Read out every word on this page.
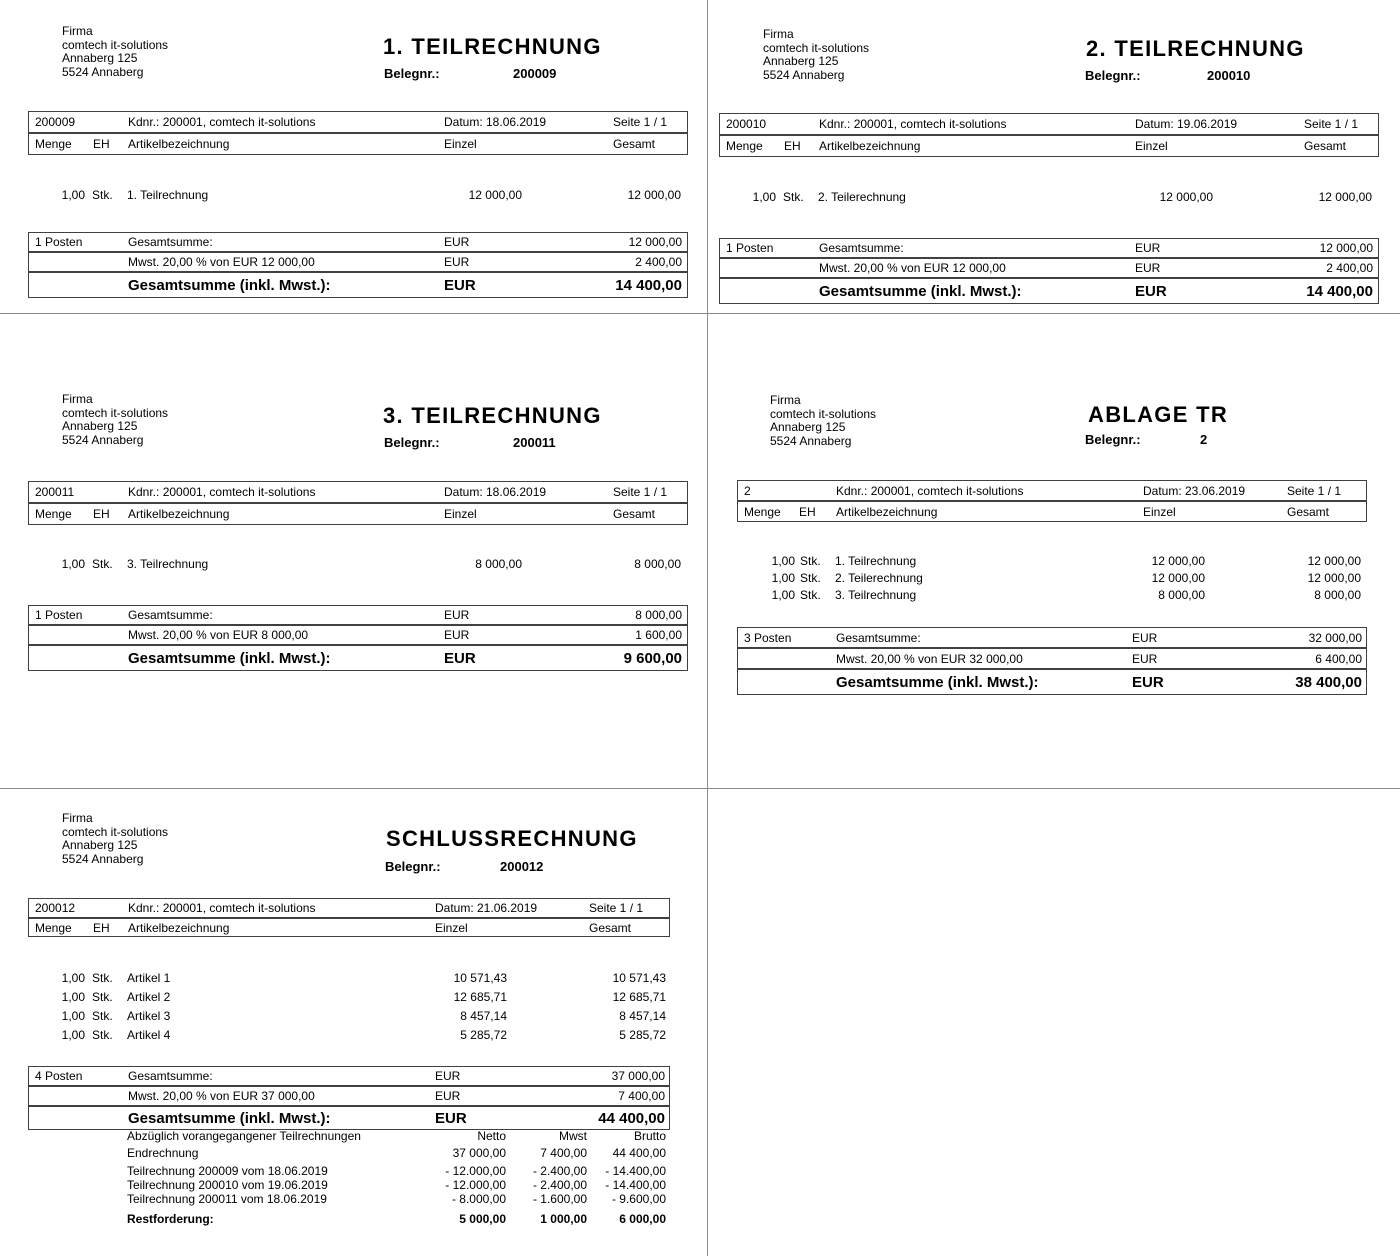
Firma
comtech it-solutions
Annaberg 125
5524 Annaberg
1. TEILRECHNUNG
Belegnr.:	200009
200009	Kdnr.: 200001, comtech it-solutions	Datum: 18.06.2019	Seite 1 / 1
Menge EH Artikelbezeichnung	Einzel	Gesamt
1,00 Stk. 1. Teilrechnung	12 000,00	12 000,00
1 Posten	Gesamtsumme:	EUR	12 000,00
Mwst. 20,00 % von EUR 12 000,00	EUR	2 400,00
Gesamtsumme (inkl. Mwst.):	EUR	14 400,00
Firma
comtech it-solutions
Annaberg 125
5524 Annaberg
2. TEILRECHNUNG
Belegnr.:	200010
200010	Kdnr.: 200001, comtech it-solutions	Datum: 19.06.2019	Seite 1 / 1
Menge EH Artikelbezeichnung	Einzel	Gesamt
1,00 Stk. 2. Teilerechnung	12 000,00	12 000,00
1 Posten	Gesamtsumme:	EUR	12 000,00
Mwst. 20,00 % von EUR 12 000,00	EUR	2 400,00
Gesamtsumme (inkl. Mwst.):	EUR	14 400,00
Firma
comtech it-solutions
Annaberg 125
5524 Annaberg
3. TEILRECHNUNG
Belegnr.:	200011
200011	Kdnr.: 200001, comtech it-solutions	Datum: 18.06.2019	Seite 1 / 1
Menge EH Artikelbezeichnung	Einzel	Gesamt
1,00 Stk. 3. Teilrechnung	8 000,00	8 000,00
1 Posten	Gesamtsumme:	EUR	8 000,00
Mwst. 20,00 % von EUR 8 000,00	EUR	1 600,00
Gesamtsumme (inkl. Mwst.):	EUR	9 600,00
Firma
comtech it-solutions
Annaberg 125
5524 Annaberg
ABLAGE TR
Belegnr.:	2
2	Kdnr.: 200001, comtech it-solutions	Datum: 23.06.2019	Seite 1 / 1
Menge EH Artikelbezeichnung	Einzel	Gesamt
1,00 Stk. 1. Teilrechnung	12 000,00	12 000,00
1,00 Stk. 2. Teilerechnung	12 000,00	12 000,00
1,00 Stk. 3. Teilrechnung	8 000,00	8 000,00
3 Posten	Gesamtsumme:	EUR	32 000,00
Mwst. 20,00 % von EUR 32 000,00	EUR	6 400,00
Gesamtsumme (inkl. Mwst.):	EUR	38 400,00
Firma
comtech it-solutions
Annaberg 125
5524 Annaberg
SCHLUSSRECHNUNG
Belegnr.:	200012
200012	Kdnr.: 200001, comtech it-solutions	Datum: 21.06.2019	Seite 1 / 1
Menge EH Artikelbezeichnung	Einzel	Gesamt
1,00 Stk. Artikel 1	10 571,43	10 571,43
1,00 Stk. Artikel 2	12 685,71	12 685,71
1,00 Stk. Artikel 3	8 457,14	8 457,14
1,00 Stk. Artikel 4	5 285,72	5 285,72
4 Posten	Gesamtsumme:	EUR	37 000,00
Mwst. 20,00 % von EUR 37 000,00	EUR	7 400,00
Gesamtsumme (inkl. Mwst.):	EUR	44 400,00
Abzüglich vorangegangener Teilrechnungen	Netto	Mwst	Brutto
Endrechnung	37 000,00	7 400,00	44 400,00
Teilrechnung 200009 vom 18.06.2019	- 12.000,00	- 2.400,00	- 14.400,00
Teilrechnung 200010 vom 19.06.2019	- 12.000,00	- 2.400,00	- 14.400,00
Teilrechnung 200011 vom 18.06.2019	- 8.000,00	- 1.600,00	- 9.600,00
Restforderung:	5 000,00	1 000,00	6 000,00
